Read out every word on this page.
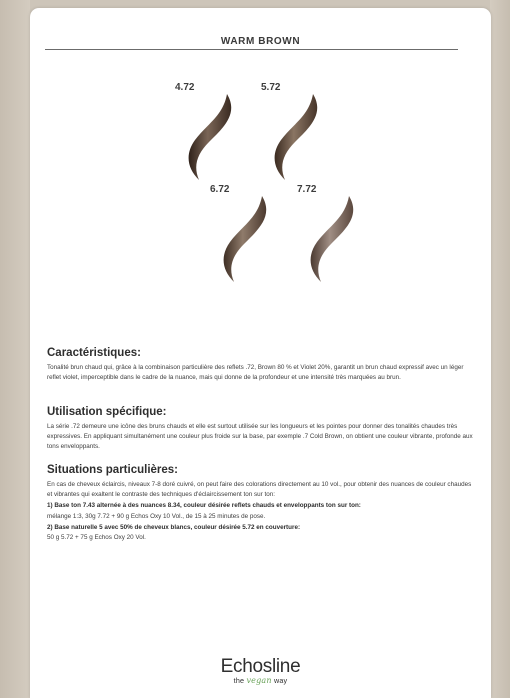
WARM BROWN
4.72	5.72
6.72	7.72

Caractéristiques:

Tonalité brun chaud qui, grâce à la combinaison particulière des reflets .72, Brown 80 % et Violet 20%, garantit un brun chaud expressif avec un léger reflet violet, imperceptible dans le cadre de la nuance, mais qui donne de la profondeur et une intensité très marquées au brun.

Utilisation spécifique:

La série .72 demeure une icône des bruns chauds et elle est surtout utilisée sur les longueurs et les pointes pour donner des tonalités chaudes très expressives. En appliquant simultanément une couleur plus froide sur la base, par exemple .7 Cold Brown, on obtient une couleur vibrante, profonde aux tons enveloppants.

Situations particulières:

En cas de cheveux éclaircis, niveaux 7-8 doré cuivré, on peut faire des colorations directement au 10 vol., pour obtenir des nuances de couleur chaudes et vibrantes qui exaltent le contraste des techniques d'éclaircissement ton sur ton:

1) Base ton 7.43 alternée à des nuances 8.34, couleur désirée reflets chauds et enveloppants ton sur ton:
mélange 1:3, 30g 7.72 + 90 g Echos Oxy 10 Vol., de 15 à 25 minutes de pose.

2) Base naturelle 5 avec 50% de cheveux blancs, couleur désirée 5.72 en couverture:
50 g 5.72 + 75 g Echos Oxy 20 Vol.

Echosline
the vegan way
